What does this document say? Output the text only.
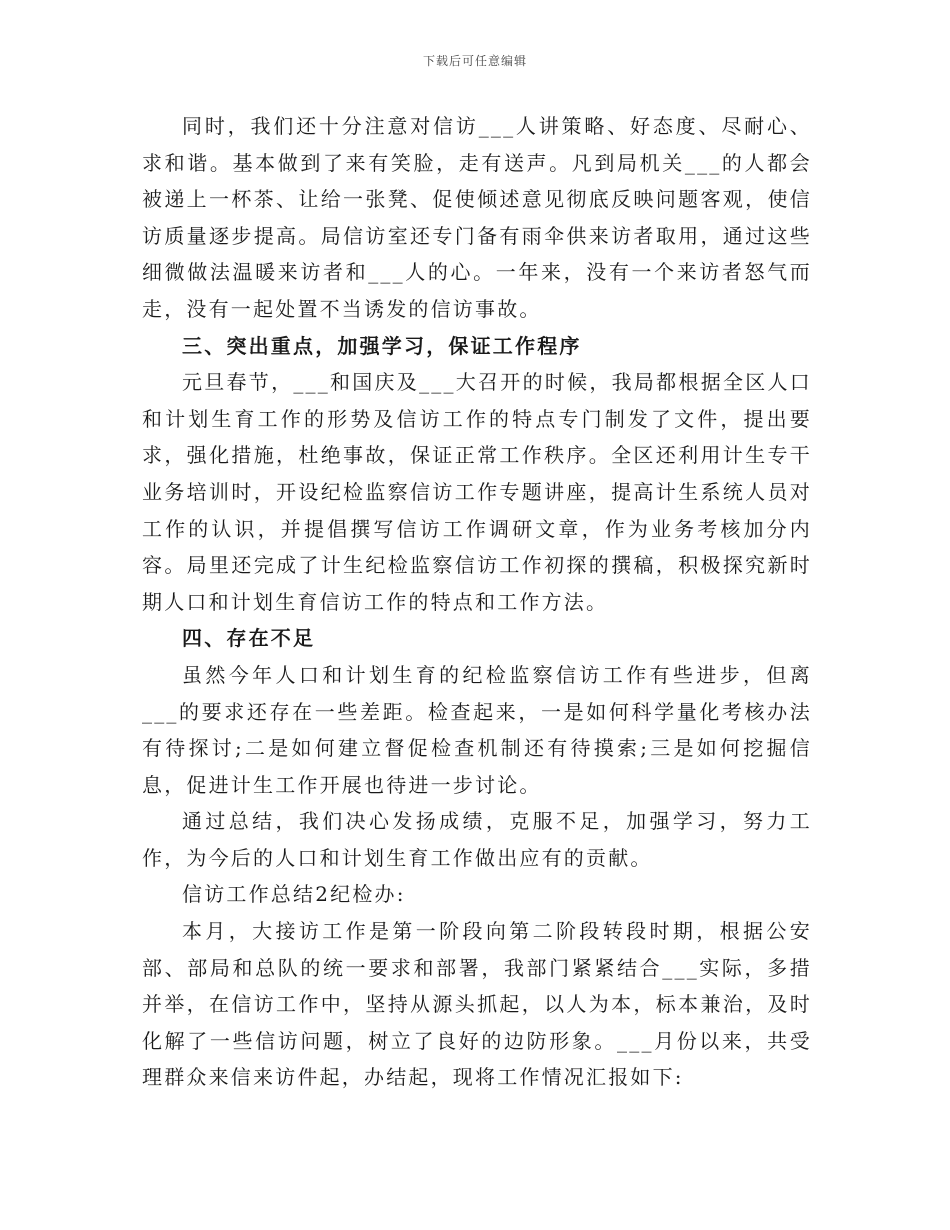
下载后可任意编辑

同时，我们还十分注意对信访___人讲策略、好态度、尽耐心、求和谐。基本做到了来有笑脸，走有送声。凡到局机关___的人都会被递上一杯茶、让给一张凳、促使倾述意见彻底反映问题客观，使信访质量逐步提高。局信访室还专门备有雨伞供来访者取用，通过这些细微做法温暖来访者和___人的心。一年来，没有一个来访者怒气而走，没有一起处置不当诱发的信访事故。

三、突出重点，加强学习，保证工作程序

元旦春节，___和国庆及___大召开的时候，我局都根据全区人口和计划生育工作的形势及信访工作的特点专门制发了文件，提出要求，强化措施，杜绝事故，保证正常工作秩序。全区还利用计生专干业务培训时，开设纪检监察信访工作专题讲座，提高计生系统人员对工作的认识，并提倡撰写信访工作调研文章，作为业务考核加分内容。局里还完成了计生纪检监察信访工作初探的撰稿，积极探究新时期人口和计划生育信访工作的特点和工作方法。

四、存在不足

虽然今年人口和计划生育的纪检监察信访工作有些进步，但离___的要求还存在一些差距。检查起来，一是如何科学量化考核办法有待探讨;二是如何建立督促检查机制还有待摸索;三是如何挖掘信息，促进计生工作开展也待进一步讨论。

通过总结，我们决心发扬成绩，克服不足，加强学习，努力工作，为今后的人口和计划生育工作做出应有的贡献。

信访工作总结2纪检办:

本月，大接访工作是第一阶段向第二阶段转段时期，根据公安部、部局和总队的统一要求和部署，我部门紧紧结合___实际，多措并举，在信访工作中，坚持从源头抓起，以人为本，标本兼治，及时化解了一些信访问题，树立了良好的边防形象。___月份以来，共受理群众来信来访件起，办结起，现将工作情况汇报如下:
